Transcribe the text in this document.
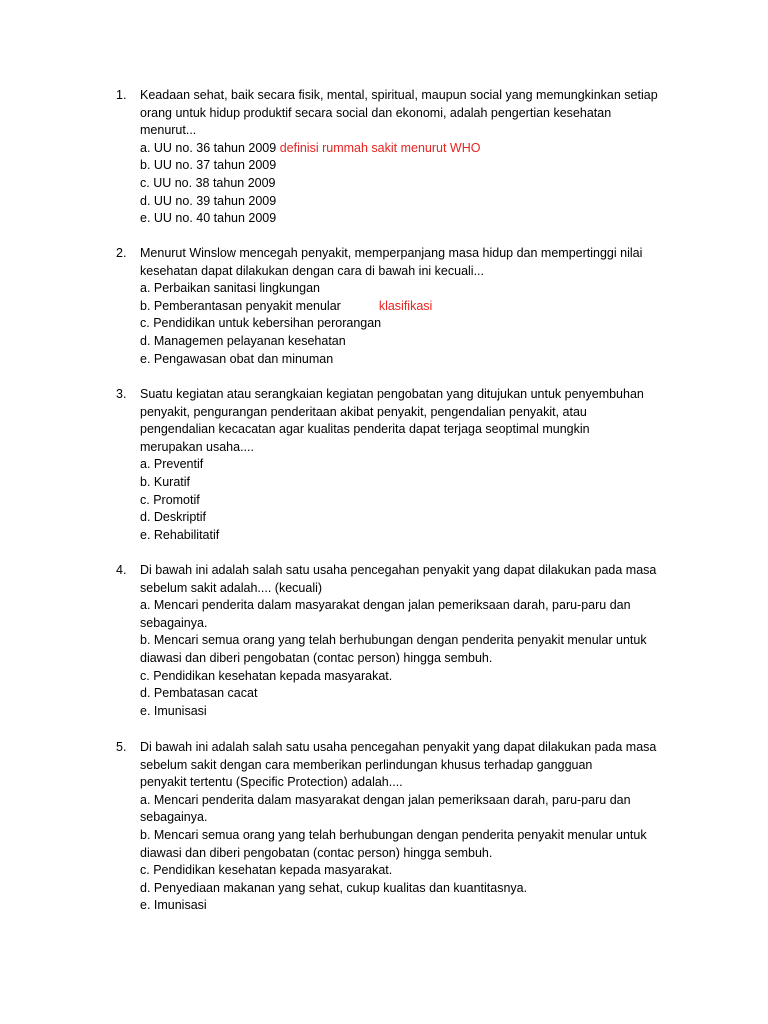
1. Keadaan sehat, baik secara fisik, mental, spiritual, maupun social yang memungkinkan setiap
orang untuk hidup produktif secara social dan ekonomi, adalah pengertian kesehatan
menurut...
a. UU no. 36 tahun 2009 definisi rummah sakit menurut WHO
b. UU no. 37 tahun 2009
c. UU no. 38 tahun 2009
d. UU no. 39 tahun 2009
e. UU no. 40 tahun 2009
2. Menurut Winslow mencegah penyakit, memperpanjang masa hidup dan mempertinggi nilai
kesehatan dapat dilakukan dengan cara di bawah ini kecuali...
a. Perbaikan sanitasi lingkungan
b. Pemberantasan penyakit menular	klasifikasi
c. Pendidikan untuk kebersihan perorangan
d. Managemen pelayanan kesehatan
e. Pengawasan obat dan minuman
3. Suatu kegiatan atau serangkaian kegiatan pengobatan yang ditujukan untuk penyembuhan
penyakit, pengurangan penderitaan akibat penyakit, pengendalian penyakit, atau
pengendalian kecacatan agar kualitas penderita dapat terjaga seoptimal mungkin
merupakan usaha....
a. Preventif
b. Kuratif
c. Promotif
d. Deskriptif
e. Rehabilitatif
4. Di bawah ini adalah salah satu usaha pencegahan penyakit yang dapat dilakukan pada masa
sebelum sakit adalah.... (kecuali)
a. Mencari penderita dalam masyarakat dengan jalan pemeriksaan darah, paru-paru dan
sebagainya.
b. Mencari semua orang yang telah berhubungan dengan penderita penyakit menular untuk
diawasi dan diberi pengobatan (contac person) hingga sembuh.
c. Pendidikan kesehatan kepada masyarakat.
d. Pembatasan cacat
e. Imunisasi
5. Di bawah ini adalah salah satu usaha pencegahan penyakit yang dapat dilakukan pada masa
sebelum sakit dengan cara memberikan perlindungan khusus terhadap gangguan
penyakit tertentu (Specific Protection) adalah....
a. Mencari penderita dalam masyarakat dengan jalan pemeriksaan darah, paru-paru dan
sebagainya.
b. Mencari semua orang yang telah berhubungan dengan penderita penyakit menular untuk
diawasi dan diberi pengobatan (contac person) hingga sembuh.
c. Pendidikan kesehatan kepada masyarakat.
d. Penyediaan makanan yang sehat, cukup kualitas dan kuantitasnya.
e. Imunisasi
